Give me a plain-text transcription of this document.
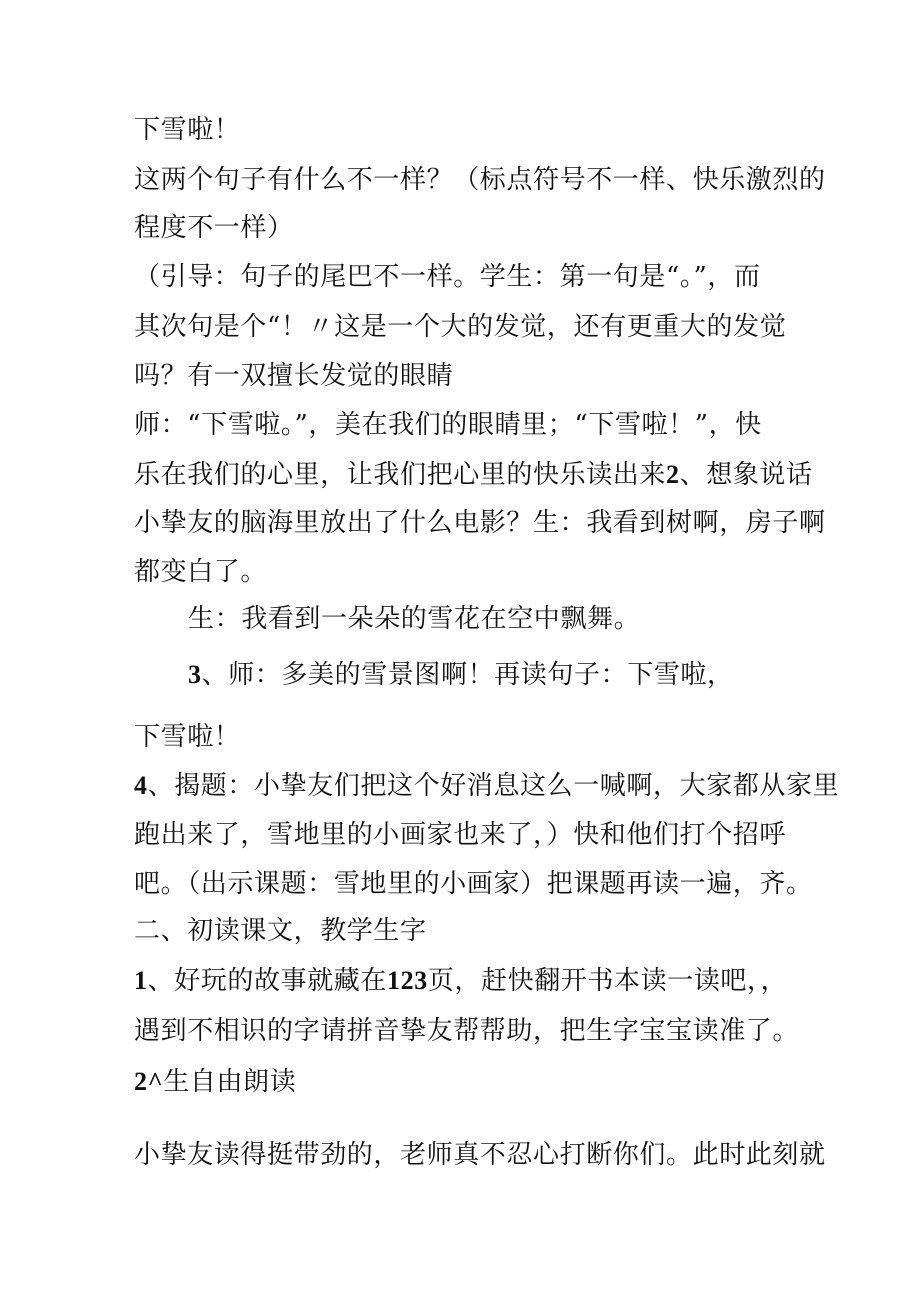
下雪啦！
这两个句子有什么不一样？（标点符号不一样、快乐激烈的
程度不一样）
（引导：句子的尾巴不一样。学生：第一句是“。”，而
其次句是个“！〃这是一个大的发觉，还有更重大的发觉
吗？有一双擅长发觉的眼睛
师：“下雪啦。”，美在我们的眼睛里；“下雪啦！”，快
乐在我们的心里，让我们把心里的快乐读出来2、想象说话
小挚友的脑海里放出了什么电影？生：我看到树啊，房子啊
都变白了。
生：我看到一朵朵的雪花在空中飘舞。
3、师：多美的雪景图啊！再读句子：下雪啦，
下雪啦！
4、揭题：小挚友们把这个好消息这么一喊啊，大家都从家里
跑出来了，雪地里的小画家也来了，）快和他们打个招呼
吧。（出示课题：雪地里的小画家）把课题再读一遍，齐。
二、初读课文，教学生字
1、好玩的故事就藏在123页，赶快翻开书本读一读吧，，
遇到不相识的字请拼音挚友帮帮助，把生字宝宝读准了。
2^生自由朗读
小挚友读得挺带劲的，老师真不忍心打断你们。此时此刻就
